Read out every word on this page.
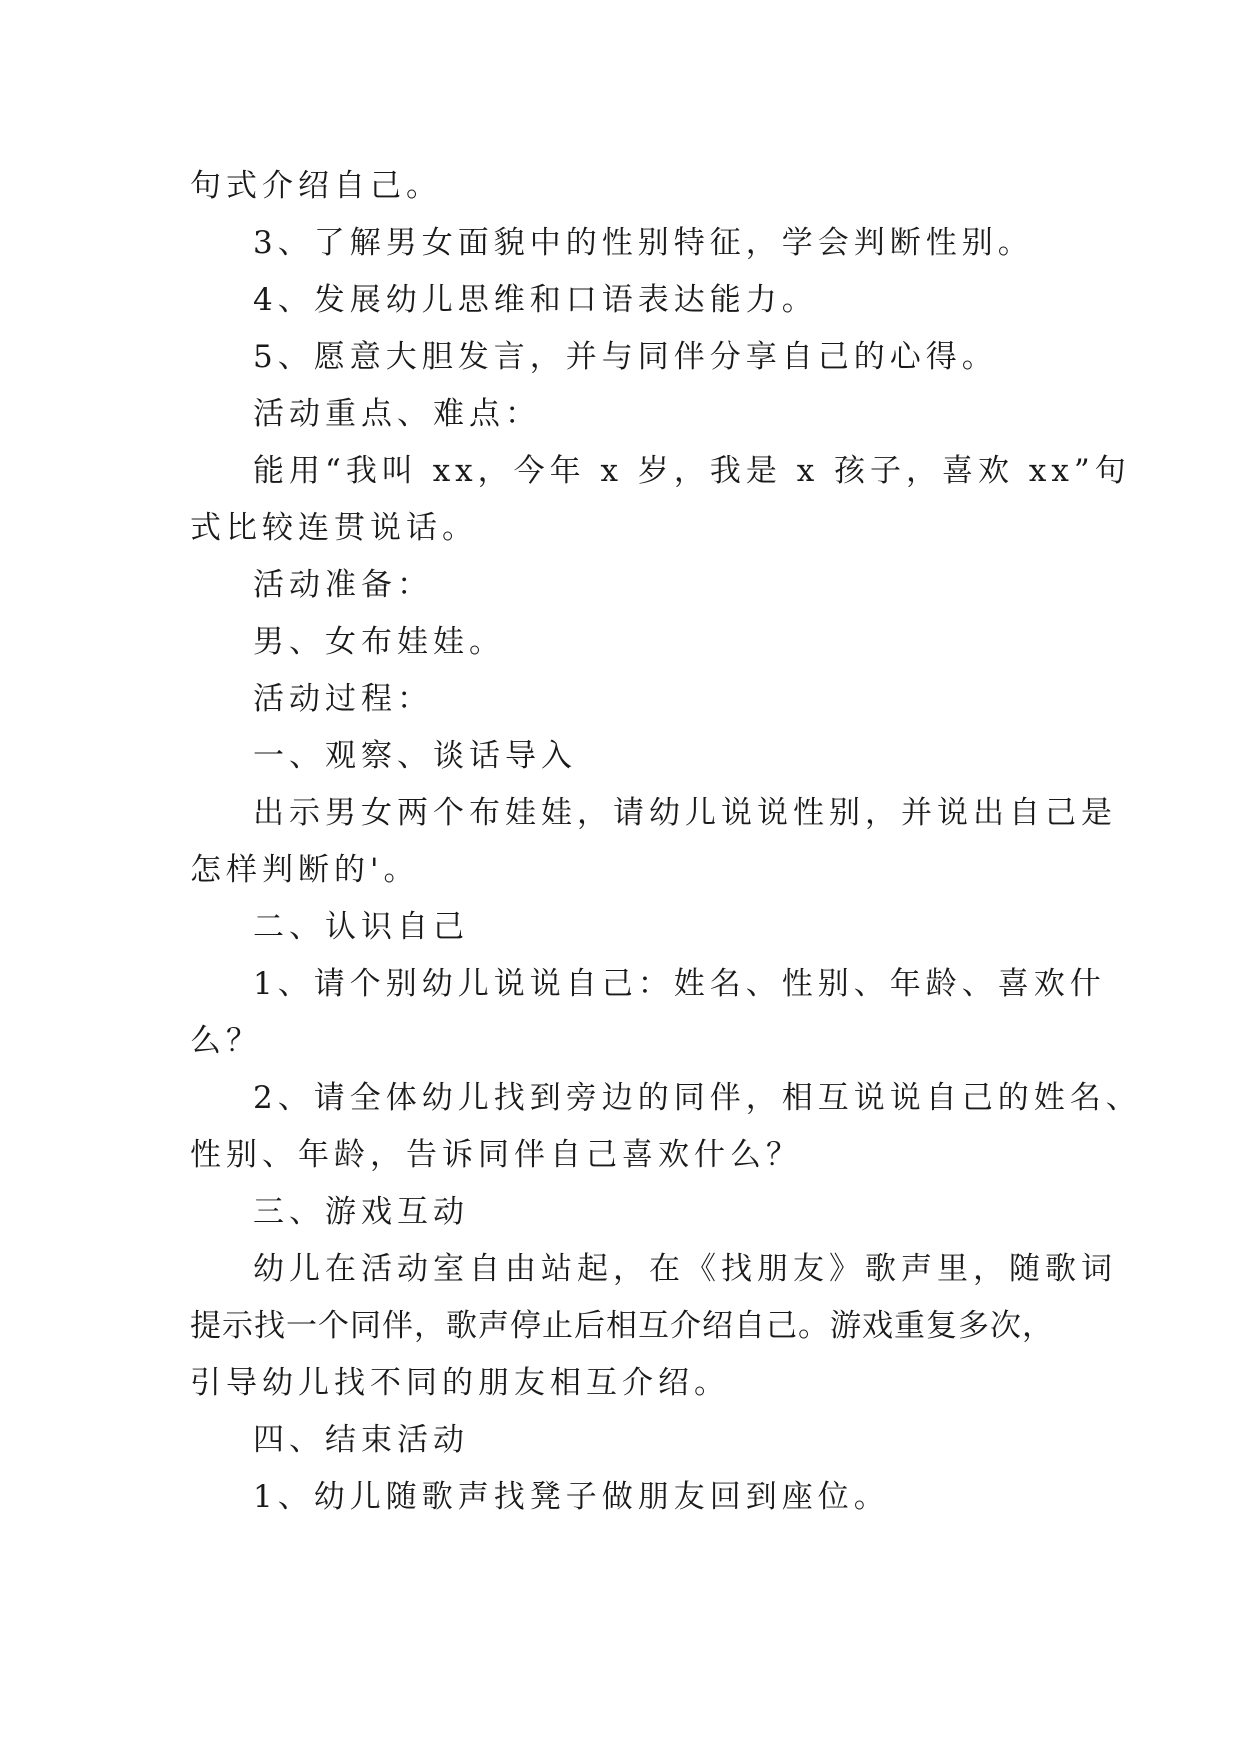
句式介绍自己。
3、了解男女面貌中的性别特征，学会判断性别。
4、发展幼儿思维和口语表达能力。
5、愿意大胆发言，并与同伴分享自己的心得。
活动重点、难点：
能用“我叫 xx，今年 x 岁，我是 x 孩子，喜欢 xx”句
式比较连贯说话。
活动准备：
男、女布娃娃。
活动过程：
一、观察、谈话导入
出示男女两个布娃娃，请幼儿说说性别，并说出自己是
怎样判断的'。
二、认识自己
1、请个别幼儿说说自己：姓名、性别、年龄、喜欢什
么？
2、请全体幼儿找到旁边的同伴，相互说说自己的姓名、
性别、年龄，告诉同伴自己喜欢什么？
三、游戏互动
幼儿在活动室自由站起，在《找朋友》歌声里，随歌词
提示找一个同伴，歌声停止后相互介绍自己。游戏重复多次，
引导幼儿找不同的朋友相互介绍。
四、结束活动
1、幼儿随歌声找凳子做朋友回到座位。
